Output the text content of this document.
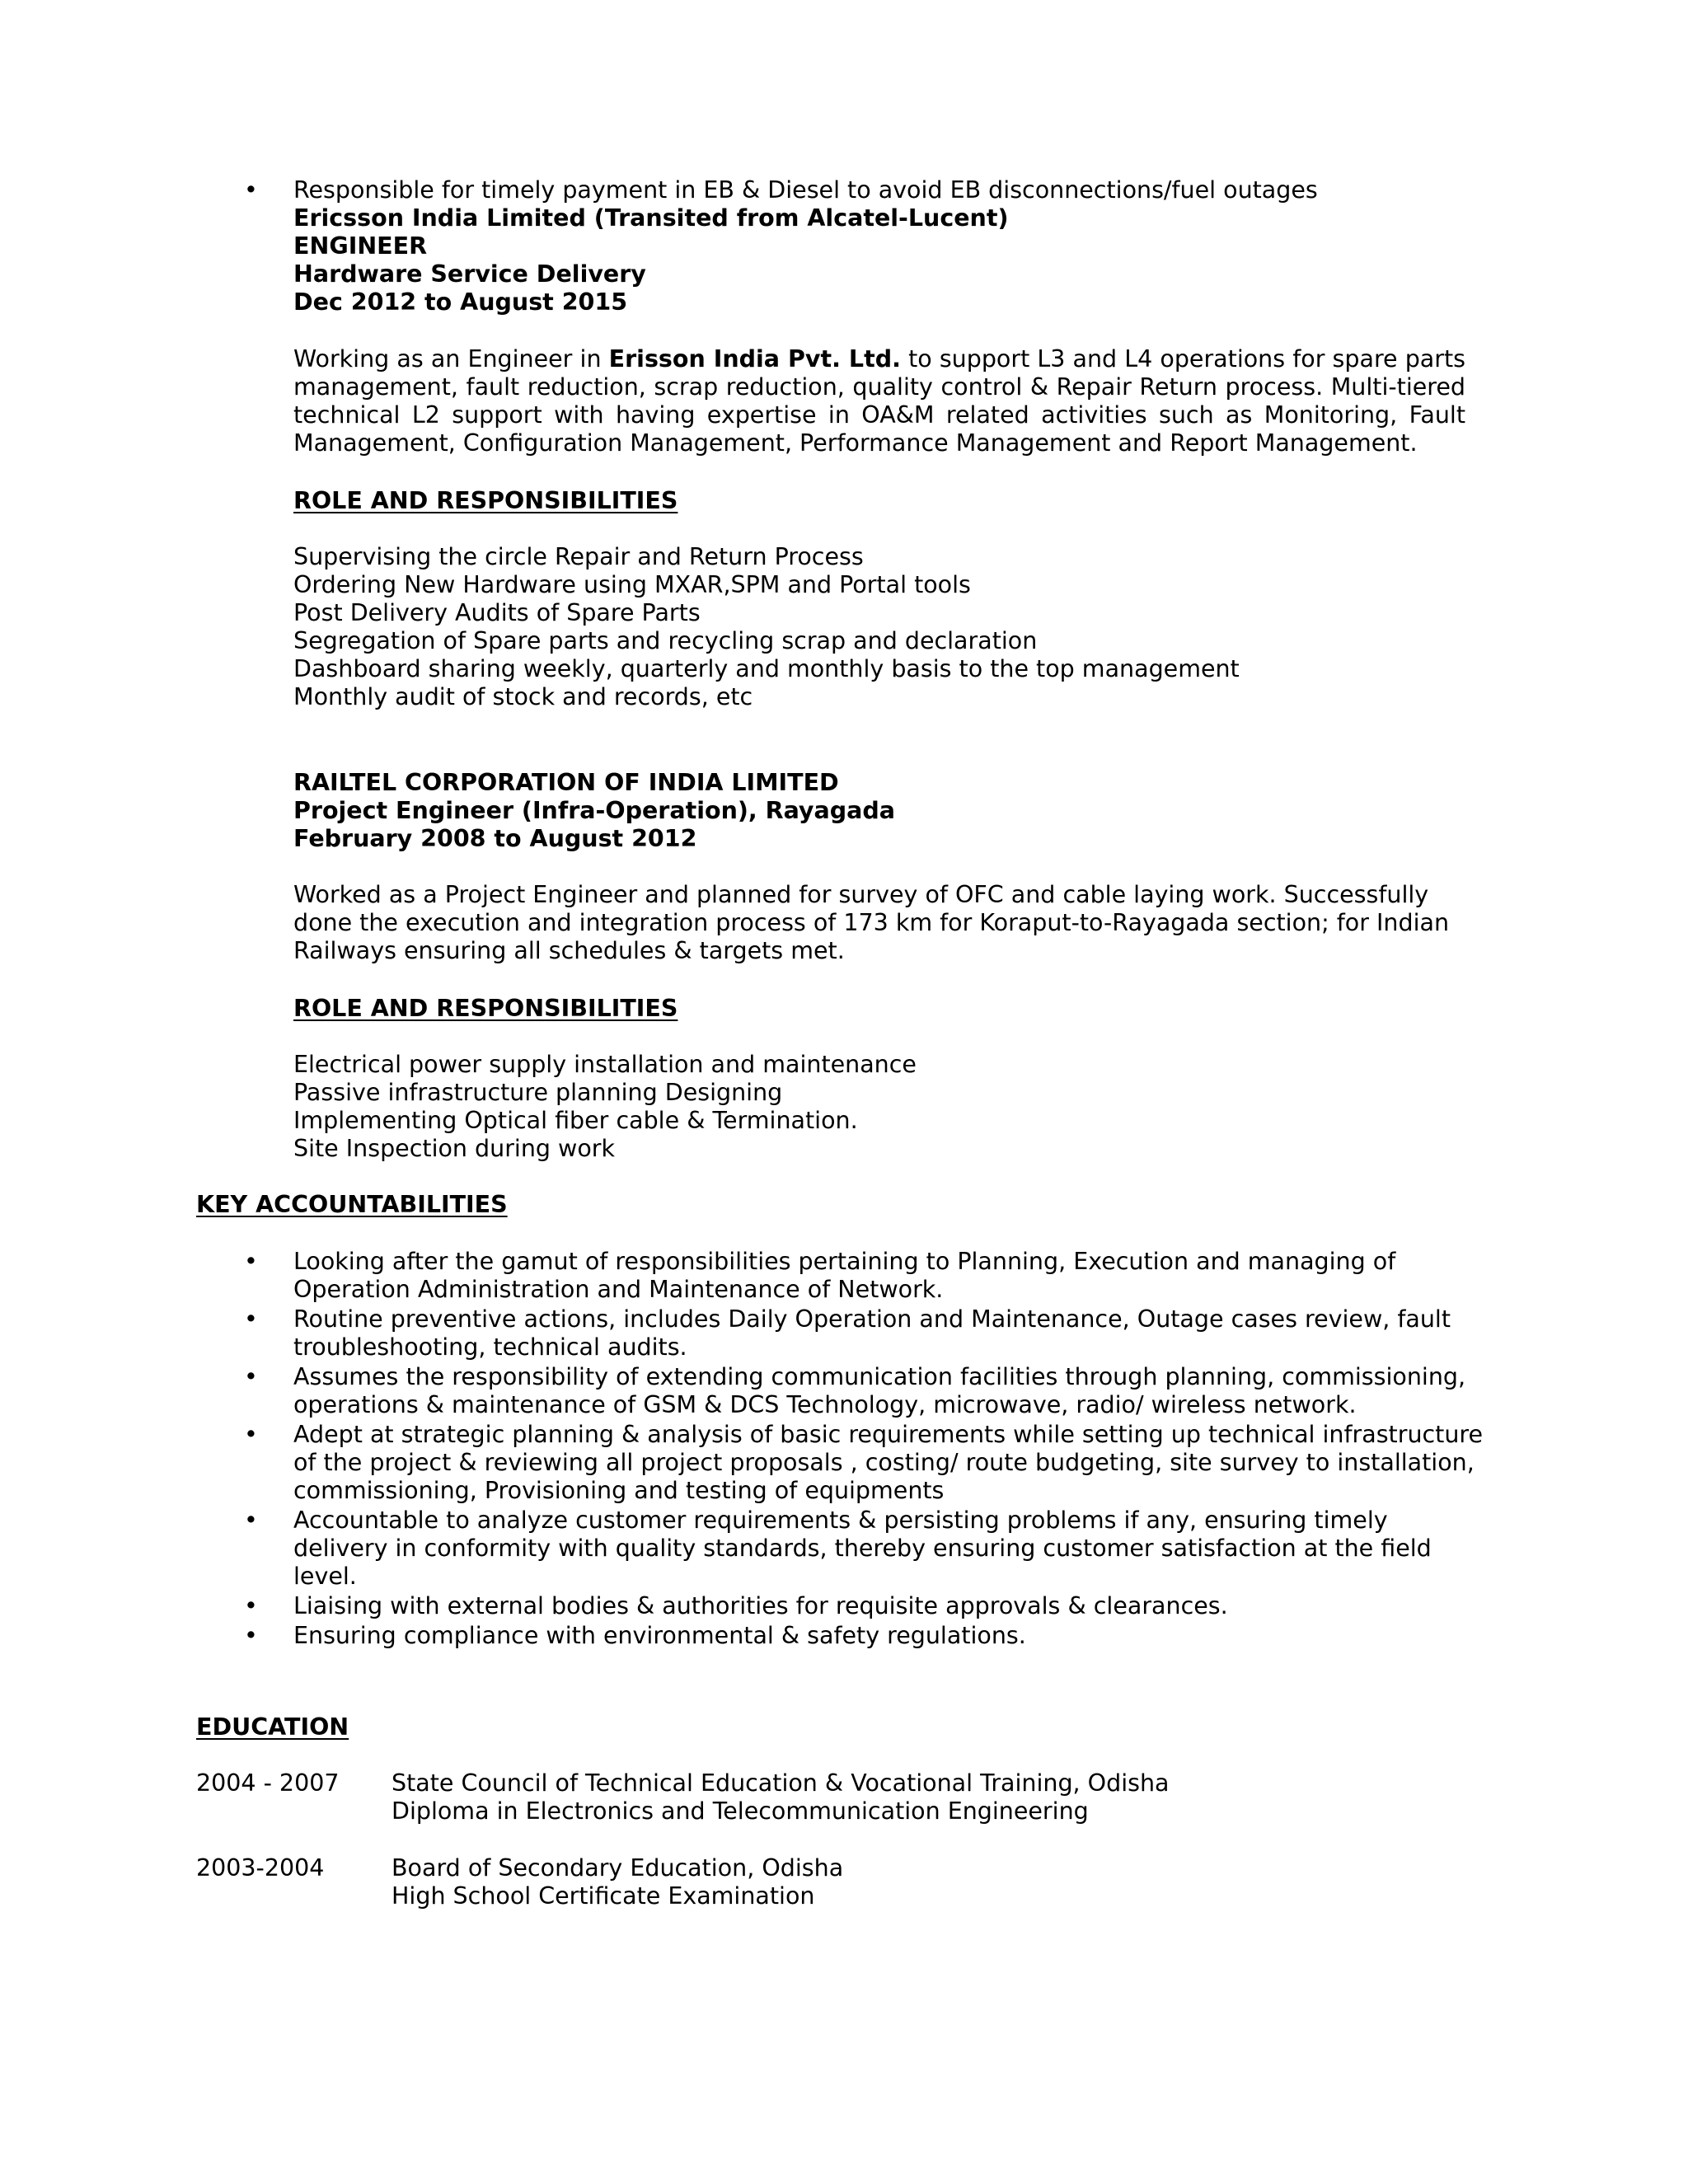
• Responsible for timely payment in EB & Diesel to avoid EB disconnections/fuel outages
Ericsson India Limited (Transited from Alcatel-Lucent)
ENGINEER
Hardware Service Delivery
Dec 2012 to August 2015
Working as an Engineer in Erisson India Pvt. Ltd. to support L3 and L4 operations for spare parts
management, fault reduction, scrap reduction, quality control & Repair Return process. Multi-tiered
technical L2 support with having expertise in OA&M related activities such as Monitoring, Fault
Management, Configuration Management, Performance Management and Report Management.
ROLE AND RESPONSIBILITIES
Supervising the circle Repair and Return Process
Ordering New Hardware using MXAR,SPM and Portal tools
Post Delivery Audits of Spare Parts
Segregation of Spare parts and recycling scrap and declaration
Dashboard sharing weekly, quarterly and monthly basis to the top management
Monthly audit of stock and records, etc
RAILTEL CORPORATION OF INDIA LIMITED
Project Engineer (Infra-Operation), Rayagada
February 2008 to August 2012
Worked as a Project Engineer and planned for survey of OFC and cable laying work. Successfully
done the execution and integration process of 173 km for Koraput-to-Rayagada section; for Indian
Railways ensuring all schedules & targets met.
ROLE AND RESPONSIBILITIES
Electrical power supply installation and maintenance
Passive infrastructure planning Designing
Implementing Optical fiber cable & Termination.
Site Inspection during work
KEY ACCOUNTABILITIES
• Looking after the gamut of responsibilities pertaining to Planning, Execution and managing of
Operation Administration and Maintenance of Network.
• Routine preventive actions, includes Daily Operation and Maintenance, Outage cases review, fault
troubleshooting, technical audits.
• Assumes the responsibility of extending communication facilities through planning, commissioning,
operations & maintenance of GSM & DCS Technology, microwave, radio/ wireless network.
• Adept at strategic planning & analysis of basic requirements while setting up technical infrastructure
of the project & reviewing all project proposals , costing/ route budgeting, site survey to installation,
commissioning, Provisioning and testing of equipments
• Accountable to analyze customer requirements & persisting problems if any, ensuring timely
delivery in conformity with quality standards, thereby ensuring customer satisfaction at the field
level.
• Liaising with external bodies & authorities for requisite approvals & clearances.
• Ensuring compliance with environmental & safety regulations.
EDUCATION
2004 - 2007 State Council of Technical Education & Vocational Training, Odisha
Diploma in Electronics and Telecommunication Engineering
2003-2004	Board of Secondary Education, Odisha
High School Certificate Examination
